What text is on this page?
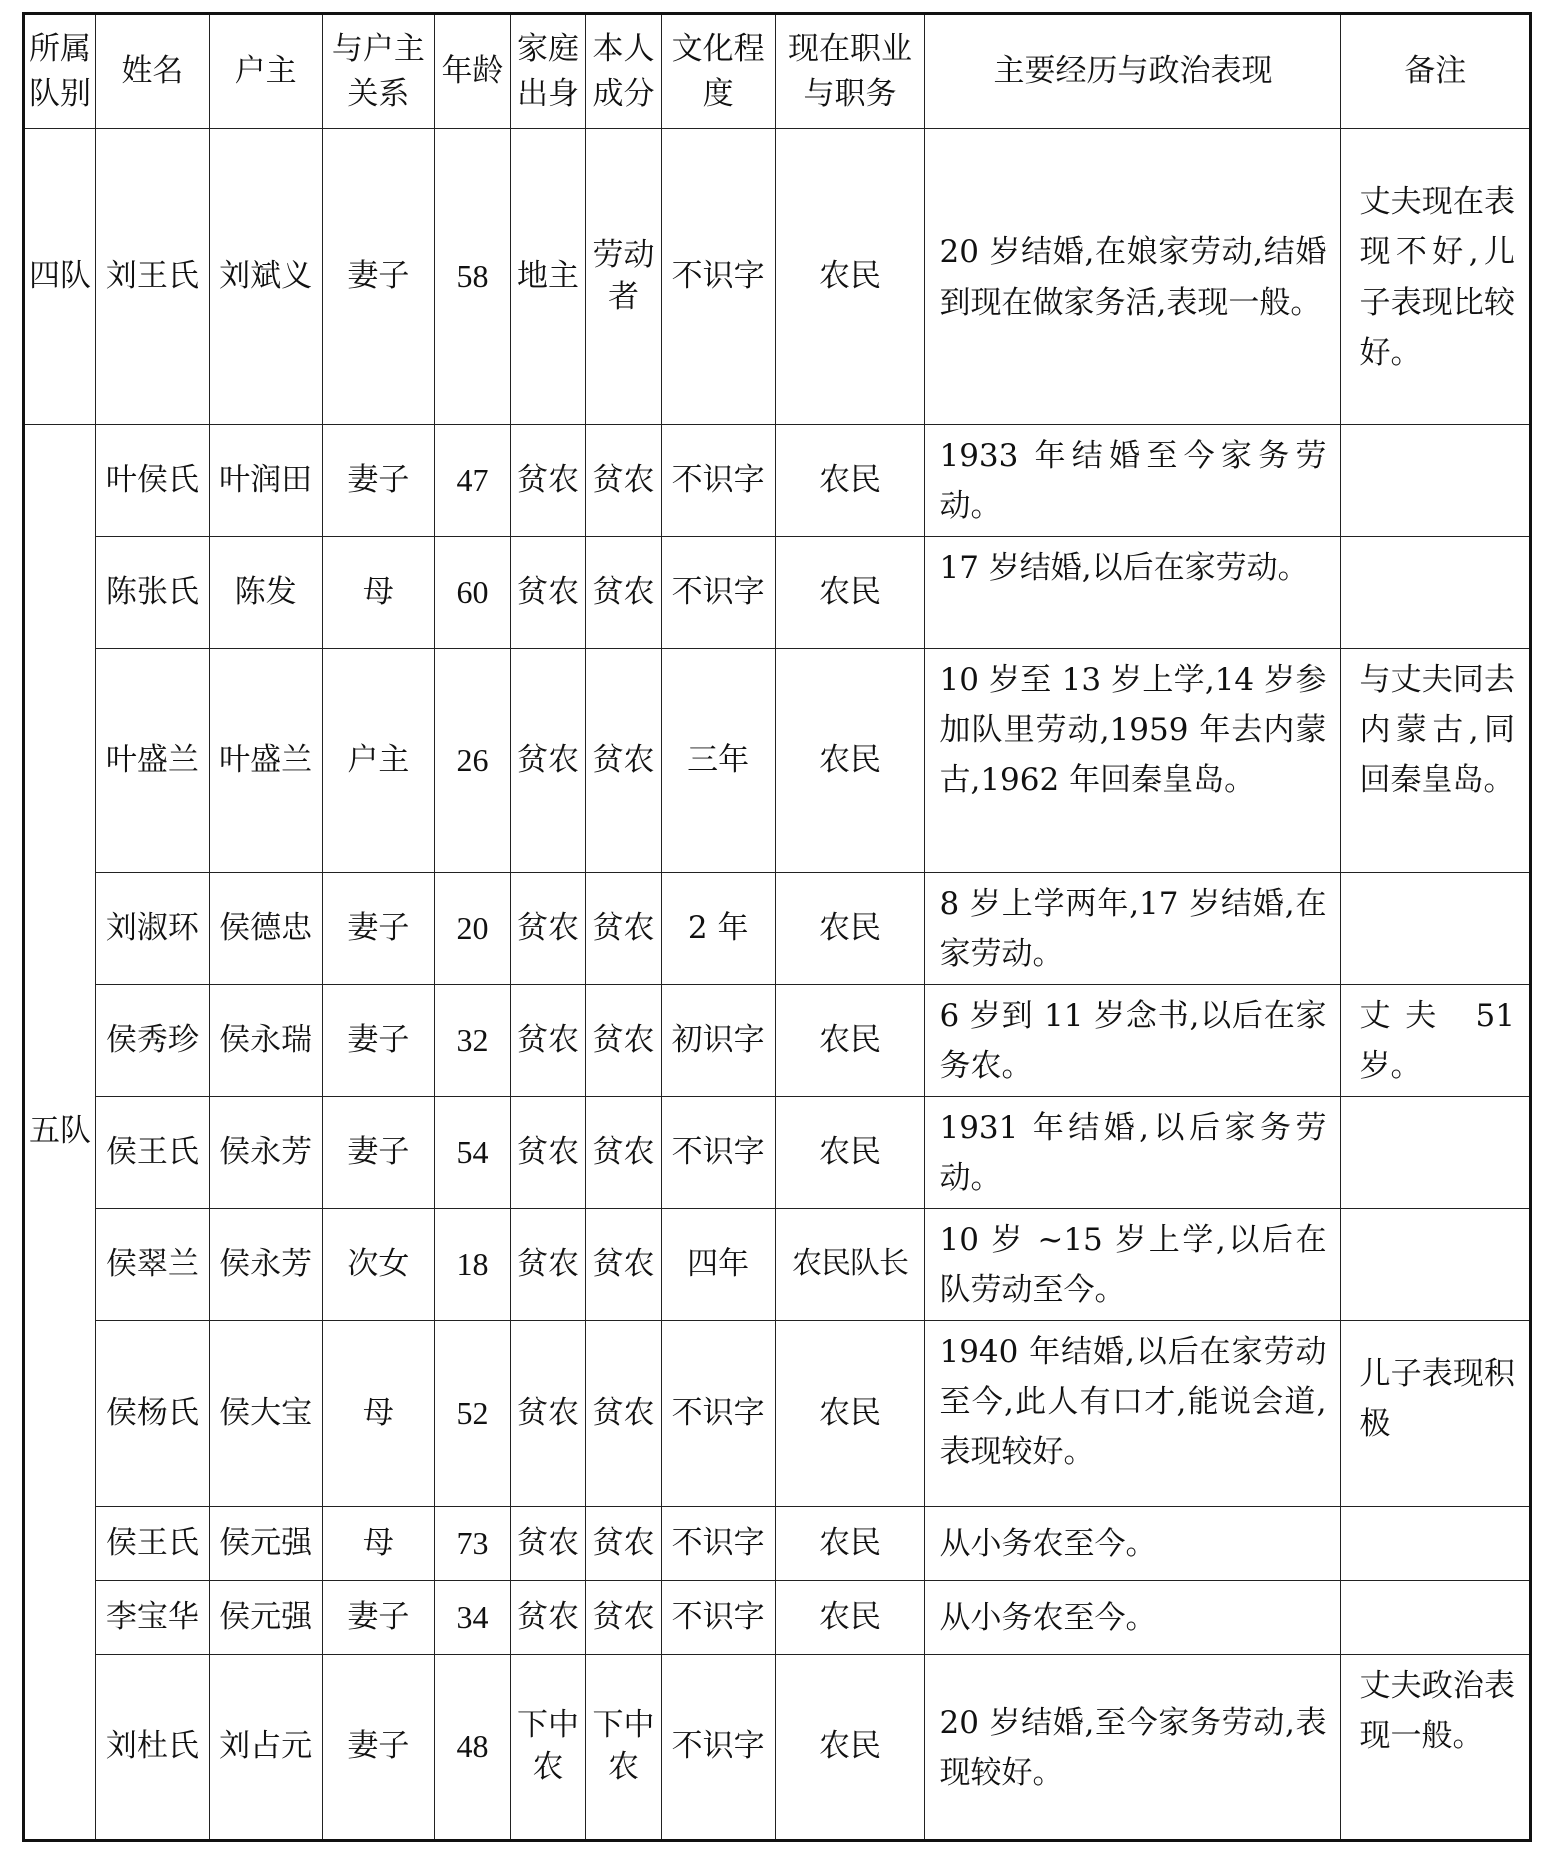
所属队别	姓名	户主	与户主关系	年龄	家庭出身	本人成分	文化程度	现在职业与职务	主要经历与政治表现	备注
四队	刘王氏	刘斌义	妻子	58	地主	劳动者	不识字	农民	20 岁结婚,在娘家劳动,结婚到现在做家务活,表现一般。	丈夫现在表现不好,儿子表现比较好。
五队	叶侯氏	叶润田	妻子	47	贫农	贫农	不识字	农民	1933 年结婚至今家务劳动。	
	陈张氏	陈发	母	60	贫农	贫农	不识字	农民	17 岁结婚,以后在家劳动。	
	叶盛兰	叶盛兰	户主	26	贫农	贫农	三年	农民	10 岁至 13 岁上学,14 岁参加队里劳动,1959 年去内蒙古,1962 年回秦皇岛。	与丈夫同去内蒙古,同回秦皇岛。
	刘淑环	侯德忠	妻子	20	贫农	贫农	2 年	农民	8 岁上学两年,17 岁结婚,在家劳动。	
	侯秀珍	侯永瑞	妻子	32	贫农	贫农	初识字	农民	6 岁到 11 岁念书,以后在家务农。	丈夫 51 岁。
	侯王氏	侯永芳	妻子	54	贫农	贫农	不识字	农民	1931 年结婚,以后家务劳动。	
	侯翠兰	侯永芳	次女	18	贫农	贫农	四年	农民队长	10 岁 ~15 岁上学,以后在队劳动至今。	
	侯杨氏	侯大宝	母	52	贫农	贫农	不识字	农民	1940 年结婚,以后在家劳动至今,此人有口才,能说会道,表现较好。	儿子表现积极
	侯王氏	侯元强	母	73	贫农	贫农	不识字	农民	从小务农至今。	
	李宝华	侯元强	妻子	34	贫农	贫农	不识字	农民	从小务农至今。	
	刘杜氏	刘占元	妻子	48	下中农	下中农	不识字	农民	20 岁结婚,至今家务劳动,表现较好。	丈夫政治表现一般。
